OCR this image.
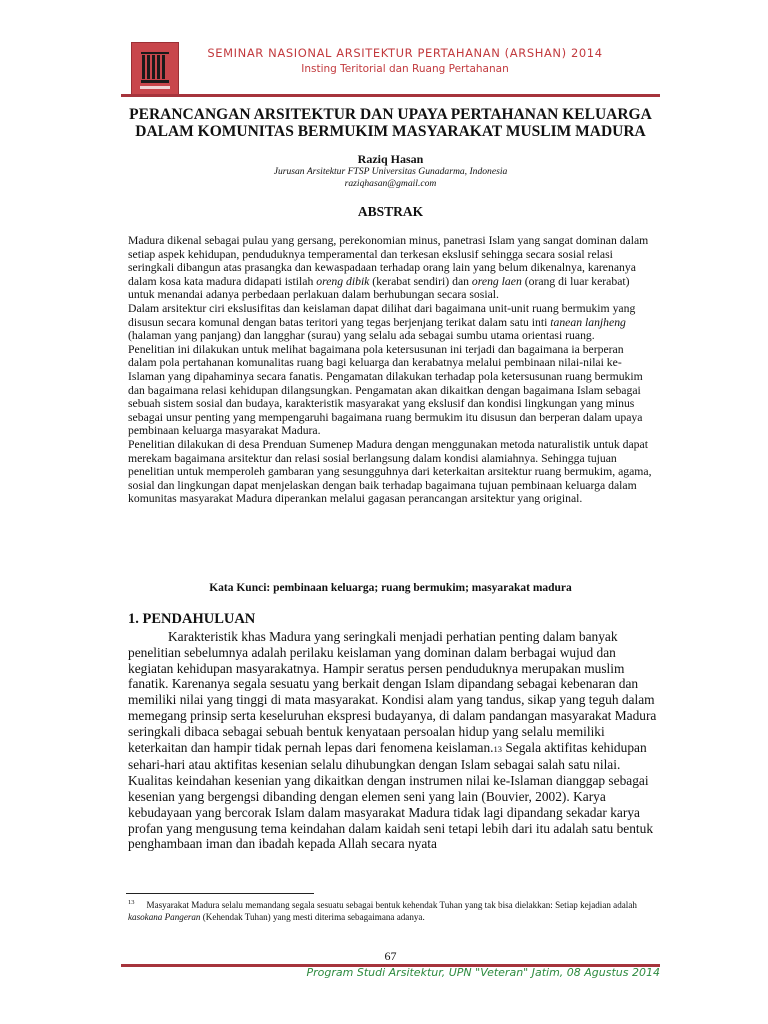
SEMINAR NASIONAL ARSITEKTUR PERTAHANAN (ARSHAN) 2014
Insting Teritorial dan Ruang Pertahanan
PERANCANGAN ARSITEKTUR DAN UPAYA PERTAHANAN KELUARGA
DALAM KOMUNITAS BERMUKIM MASYARAKAT MUSLIM MADURA
Raziq Hasan
Jurusan Arsitektur FTSP Universitas Gunadarma, Indonesia
raziqhasan@gmail.com
ABSTRAK

Madura dikenal sebagai pulau yang gersang, perekonomian minus, panetrasi Islam yang sangat dominan dalam setiap aspek kehidupan, penduduknya temperamental dan terkesan ekslusif sehingga secara sosial relasi seringkali dibangun atas prasangka dan kewaspadaan terhadap orang lain yang belum dikenalnya, karenanya dalam kosa kata madura didapati istilah oreng dibik (kerabat sendiri) dan oreng laen (orang di luar kerabat) untuk menandai adanya perbedaan perlakuan dalam berhubungan secara sosial.

Dalam arsitektur ciri ekslusifitas dan keislaman dapat dilihat dari bagaimana unit-unit ruang bermukim yang disusun secara komunal dengan batas teritori yang tegas berjenjang terikat dalam satu inti tanean lanjheng (halaman yang panjang) dan langghar (surau) yang selalu ada sebagai sumbu utama orientasi ruang.

Penelitian ini dilakukan untuk melihat bagaimana pola ketersusunan ini terjadi dan bagaimana ia berperan dalam pola pertahanan komunalitas ruang bagi keluarga dan kerabatnya melalui pembinaan nilai-nilai ke-Islaman yang dipahaminya secara fanatis. Pengamatan dilakukan terhadap pola ketersusunan ruang bermukim dan bagaimana relasi kehidupan dilangsungkan. Pengamatan akan dikaitkan dengan bagaimana Islam sebagai sebuah sistem sosial dan budaya, karakteristik masyarakat yang ekslusif dan kondisi lingkungan yang minus sebagai unsur penting yang mempengaruhi bagaimana ruang bermukim itu disusun dan berperan dalam upaya pembinaan keluarga masyarakat Madura.

Penelitian dilakukan di desa Prenduan Sumenep Madura dengan menggunakan metoda naturalistik untuk dapat merekam bagaimana arsitektur dan relasi sosial berlangsung dalam kondisi alamiahnya. Sehingga tujuan penelitian untuk memperoleh gambaran yang sesungguhnya dari keterkaitan arsitektur ruang bermukim, agama, sosial dan lingkungan dapat menjelaskan dengan baik terhadap bagaimana tujuan pembinaan keluarga dalam komunitas masyarakat Madura diperankan melalui gagasan perancangan arsitektur yang original.

Kata Kunci: pembinaan keluarga; ruang bermukim; masyarakat madura
1. PENDAHULUAN

Karakteristik khas Madura yang seringkali menjadi perhatian penting dalam banyak penelitian sebelumnya adalah perilaku keislaman yang dominan dalam berbagai wujud dan kegiatan kehidupan masyarakatnya. Hampir seratus persen penduduknya merupakan muslim fanatik. Karenanya segala sesuatu yang berkait dengan Islam dipandang sebagai kebenaran dan memiliki nilai yang tinggi di mata masyarakat. Kondisi alam yang tandus, sikap yang teguh dalam memegang prinsip serta keseluruhan ekspresi budayanya, di dalam pandangan masyarakat Madura seringkali dibaca sebagai sebuah bentuk kenyataan persoalan hidup yang selalu memiliki keterkaitan dan hampir tidak pernah lepas dari fenomena keislaman.13 Segala aktifitas kehidupan sehari-hari atau aktifitas kesenian selalu dihubungkan dengan Islam sebagai salah satu nilai. Kualitas keindahan kesenian yang dikaitkan dengan instrumen nilai ke-Islaman dianggap sebagai kesenian yang bergengsi dibanding dengan elemen seni yang lain (Bouvier, 2002). Karya kebudayaan yang bercorak Islam dalam masyarakat Madura tidak lagi dipandang sekadar karya profan yang mengusung tema keindahan dalam kaidah seni tetapi lebih dari itu adalah satu bentuk penghambaan iman dan ibadah kepada Allah secara nyata

$^{13}$ Masyarakat Madura selalu memandang segala sesuatu sebagai bentuk kehendak Tuhan yang tak bisa dielakkan: Setiap kejadian adalah kasokana Pangeran (Kehendak Tuhan) yang mesti diterima sebagaimana adanya.
67
Program Studi Arsitektur, UPN "Veteran" Jatim, 08 Agustus 2014
